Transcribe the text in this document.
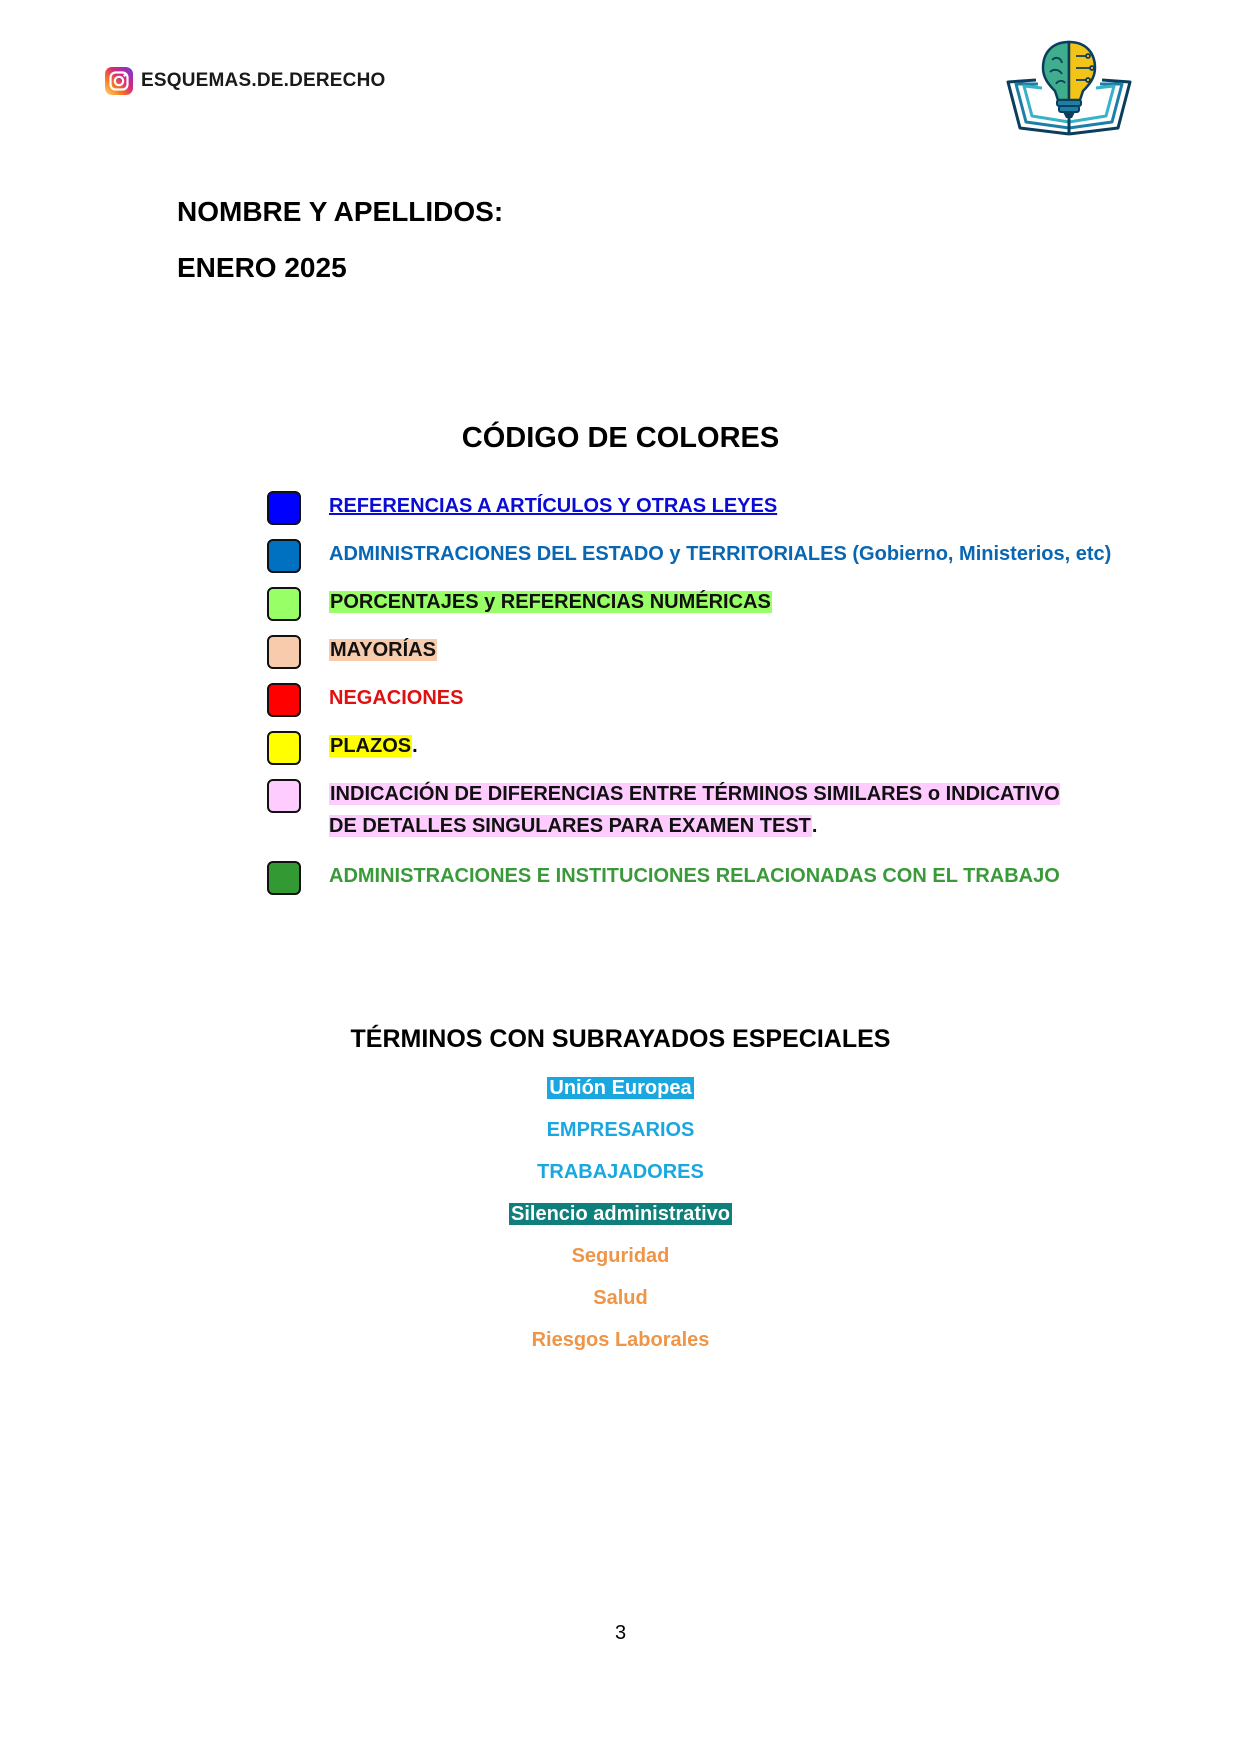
ESQUEMAS.DE.DERECHO
NOMBRE Y APELLIDOS:
ENERO 2025
CÓDIGO DE COLORES
REFERENCIAS A ARTÍCULOS Y OTRAS LEYES
ADMINISTRACIONES DEL ESTADO y TERRITORIALES (Gobierno, Ministerios, etc)
PORCENTAJES y REFERENCIAS NUMÉRICAS
MAYORÍAS
NEGACIONES
PLAZOS.
INDICACIÓN DE DIFERENCIAS ENTRE TÉRMINOS SIMILARES o INDICATIVO DE DETALLES SINGULARES PARA EXAMEN TEST.
ADMINISTRACIONES E INSTITUCIONES RELACIONADAS CON EL TRABAJO
TÉRMINOS CON SUBRAYADOS ESPECIALES
Unión Europea
EMPRESARIOS
TRABAJADORES
Silencio administrativo
Seguridad
Salud
Riesgos Laborales
3
